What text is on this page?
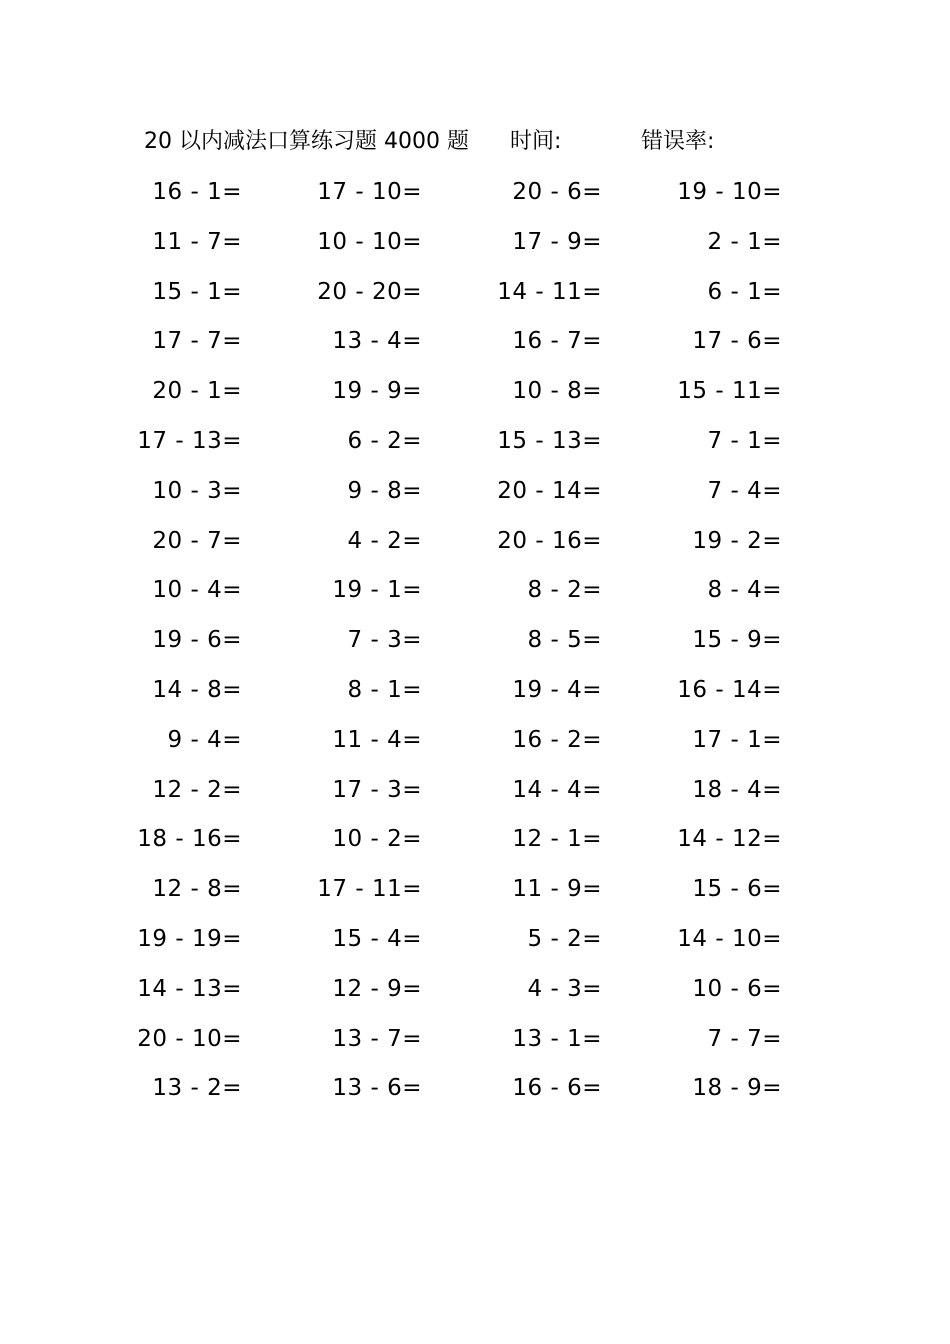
20 以内减法口算练习题 4000 题 时间:	错误率:
16 - 1=	17 - 10=	20 - 6=	19 - 10=
11 - 7=	10 - 10=	17 - 9=	2 - 1=
15 - 1=	20 - 20=	14 - 11=	6 - 1=
17 - 7=	13 - 4=	16 - 7=	17 - 6=
20 - 1=	19 - 9=	10 - 8=	15 - 11=
17 - 13=	6 - 2=	15 - 13=	7 - 1=
10 - 3=	9 - 8=	20 - 14=	7 - 4=
20 - 7=	4 - 2=	20 - 16=	19 - 2=
10 - 4=	19 - 1=	8 - 2=	8 - 4=
19 - 6=	7 - 3=	8 - 5=	15 - 9=
14 - 8=	8 - 1=	19 - 4=	16 - 14=
9 - 4=	11 - 4=	16 - 2=	17 - 1=
12 - 2=	17 - 3=	14 - 4=	18 - 4=
18 - 16=	10 - 2=	12 - 1=	14 - 12=
12 - 8=	17 - 11=	11 - 9=	15 - 6=
19 - 19=	15 - 4=	5 - 2=	14 - 10=
14 - 13=	12 - 9=	4 - 3=	10 - 6=
20 - 10=	13 - 7=	13 - 1=	7 - 7=
13 - 2=	13 - 6=	16 - 6=	18 - 9=
